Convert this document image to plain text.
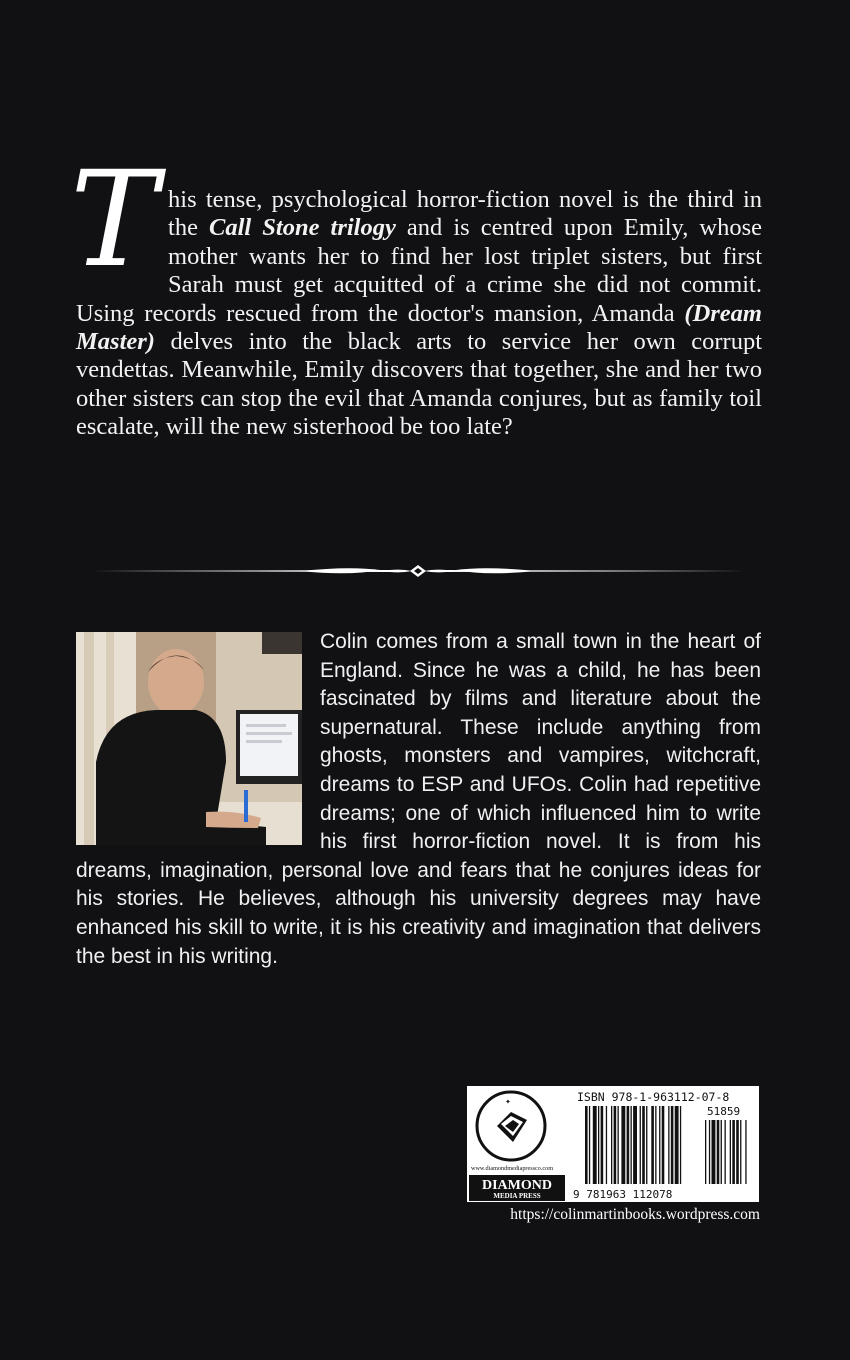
This tense, psychological horror-fiction novel is the third in the Call Stone trilogy and is centred upon Emily, whose mother wants her to find her lost triplet sisters, but first Sarah must get acquitted of a crime she did not commit. Using records rescued from the doctor's mansion, Amanda (Dream Master) delves into the black arts to service her own corrupt vendettas. Meanwhile, Emily discovers that together, she and her two other sisters can stop the evil that Amanda conjures, but as family toil escalate, will the new sisterhood be too late?
Colin comes from a small town in the heart of England. Since he was a child, he has been fascinated by films and literature about the supernatural. These include anything from ghosts, monsters and vampires, witchcraft, dreams to ESP and UFOs. Colin had repetitive dreams; one of which influenced him to write his first horror-fiction novel. It is from his dreams, imagination, personal love and fears that he conjures ideas for his stories. He believes, although his university degrees may have enhanced his skill to write, it is his creativity and imagination that delivers the best in his writing.
✦
www.diamondmediapressco.com
DIAMOND
MEDIA PRESS
ISBN 978-1-963112-07-8
51859
9 781963 112078
https://colinmartinbooks.wordpress.com
